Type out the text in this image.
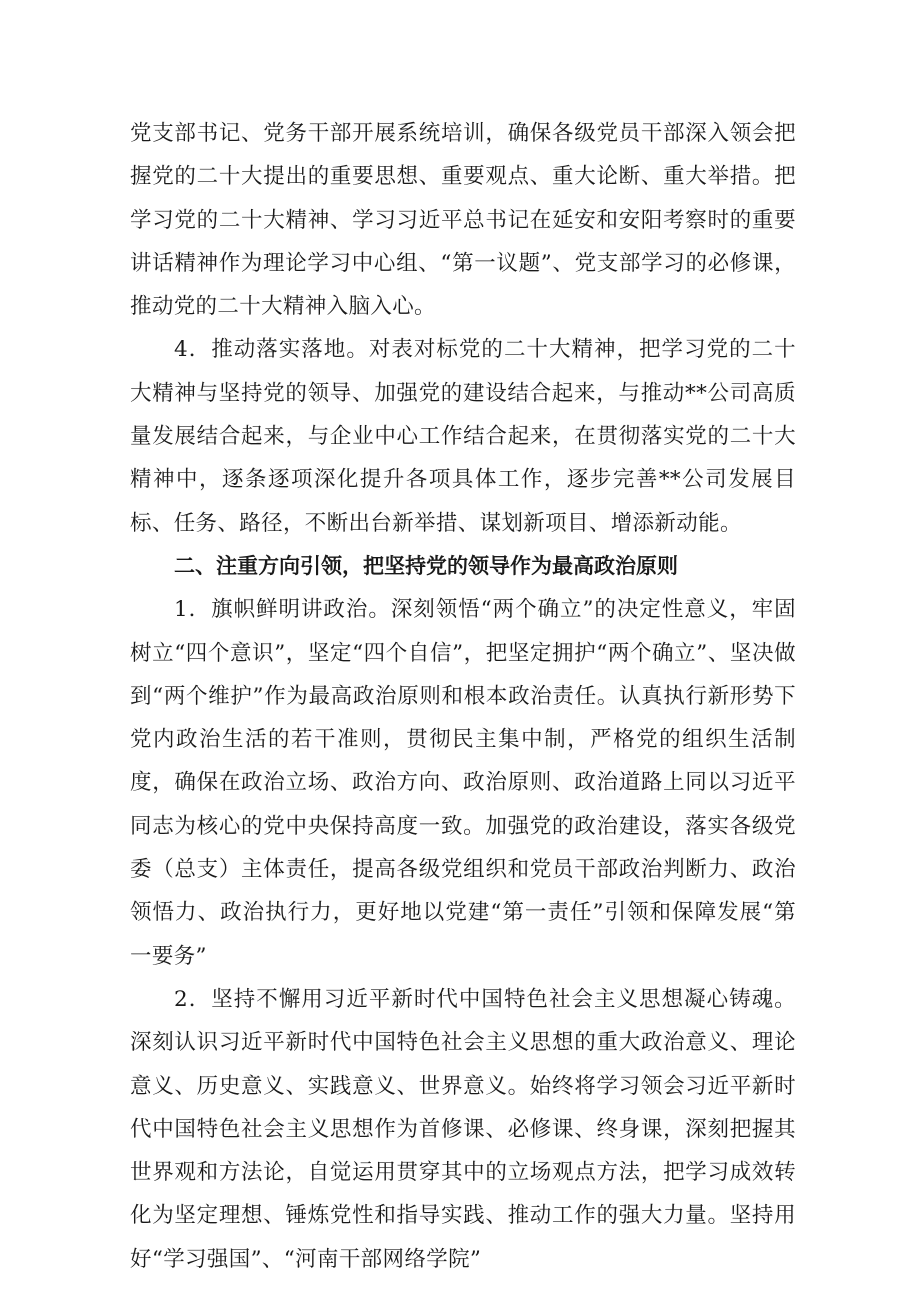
党支部书记、党务干部开展系统培训，确保各级党员干部深入领会把握党的二十大提出的重要思想、重要观点、重大论断、重大举措。把学习党的二十大精神、学习习近平总书记在延安和安阳考察时的重要讲话精神作为理论学习中心组、“第一议题”、党支部学习的必修课，推动党的二十大精神入脑入心。

4．推动落实落地。对表对标党的二十大精神，把学习党的二十大精神与坚持党的领导、加强党的建设结合起来，与推动**公司高质量发展结合起来，与企业中心工作结合起来，在贯彻落实党的二十大精神中，逐条逐项深化提升各项具体工作，逐步完善**公司发展目标、任务、路径，不断出台新举措、谋划新项目、增添新动能。

二、注重方向引领，把坚持党的领导作为最高政治原则

1．旗帜鲜明讲政治。深刻领悟“两个确立”的决定性意义，牢固树立“四个意识”，坚定“四个自信”，把坚定拥护“两个确立”、坚决做到“两个维护”作为最高政治原则和根本政治责任。认真执行新形势下党内政治生活的若干准则，贯彻民主集中制，严格党的组织生活制度，确保在政治立场、政治方向、政治原则、政治道路上同以习近平同志为核心的党中央保持高度一致。加强党的政治建设，落实各级党委（总支）主体责任，提高各级党组织和党员干部政治判断力、政治领悟力、政治执行力，更好地以党建“第一责任”引领和保障发展“第一要务”

2．坚持不懈用习近平新时代中国特色社会主义思想凝心铸魂。深刻认识习近平新时代中国特色社会主义思想的重大政治意义、理论意义、历史意义、实践意义、世界意义。始终将学习领会习近平新时代中国特色社会主义思想作为首修课、必修课、终身课，深刻把握其世界观和方法论，自觉运用贯穿其中的立场观点方法，把学习成效转化为坚定理想、锤炼党性和指导实践、推动工作的强大力量。坚持用好“学习强国”、“河南干部网络学院”
